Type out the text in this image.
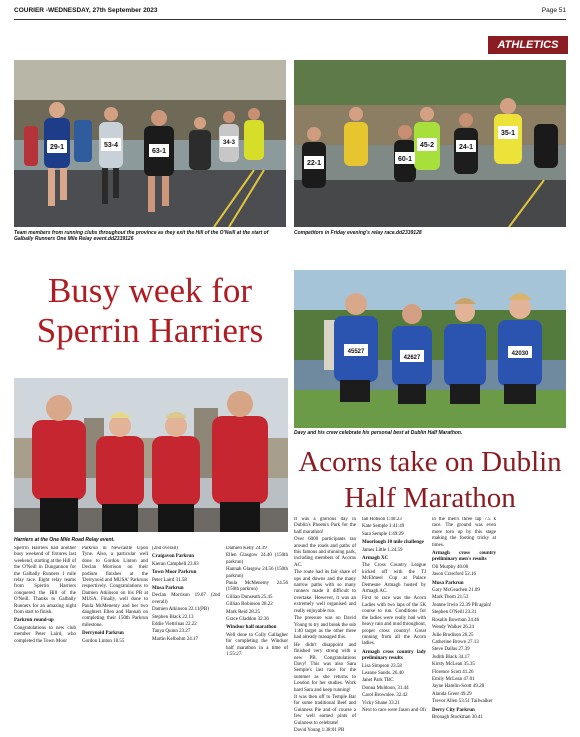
COURIER -WEDNESDAY, 27th September 2023	Page 51
ATHLETICS
29-1	53-4
63-1
34-3
22-1
60-1
45-2	24-1
35-1
Team members from running clubs throughout the province as they exit the Hill of the O'Neill at the start of Galbally Runners One Mile Relay event.dd2339126
Competitors in Friday evening's relay race.dd2339128
Busy week for
Sperrin Harriers
Harriers at the One Mile Road Relay event.
45527
42627
42030
Davy and his crew celebrate his personal best at Dublin Half Marathon.
Acorns take on Dublin
Half Marathon

Sperrin Harriers had another busy weekend of fixtures last weekend, starting at the Hill of the O'Neill in Dungannon for the Galbally Runners 1 mile relay race. Eight relay teams from Sperrin Harriers conquered the Hill of the O'Neill. Thanks to Galbally Runners for an amazing night from start to finish.

Parkrun round-up

Congratulations to new club member Peter Laird, who completed the Town Moor

Parkrun in Newcastle Upon Tyne. Also, a particular well done to Gordon Linton and Declan Morrison on their podium finishes at the 'Derrynoid and MUSA' Parkruns respectively. Congratulations to Damien Atkinson on his PB at MUSA. Finally, well done to Paula McMenemy and her two daughters Ellen and Hannah on completing their 150th Parkrun milestone.

Derrynoid Parkrun

Gordon Linton 18.55

(2nd overall)

Craigavon Parkrun

Kieran Campbell 23.03

Town Moor Parkrun

Peter Laird 31.58

Musa Parkrun

Declan Morrison 19.07 (2nd overall)

Damien Atkinson 22.11(PB)

Stephen Black 22.13

Eddie Viettrinas 22.22

Tanya Quinn 23.27

Martin Kelbohm 24.17

Damien Kelly 24.39

Ellen Glasgow 24.40 (150th parkrun)

Hannah Glasgow 24.56 (150th parkrun)

Paula McMenemy 24.56 (150th parkrun)

Gillian Dunseath 25.45

Gillian Robinson 28.22

Mark Reid 28.25

Grace Gladdon 32.36

Windsor half marathon

Well done to Colly Gallagher for completing the Windsor half marathon in a time of 1:55:27.

It was a glorious day in Dublin's Phoenix Park for the half marathon!

Over 6000 participants ran around the roads and paths of this famous and stunning park, including members of Acorns AC.

The route had its fair share of ups and downs and the many narrow paths with so many runners made it difficult to overtake. However, it was an extremely well organised and really enjoyable run.

The pressure was on David Young to try and break the sub 1:40 target as the other three had already managed this.

He didn't disappoint and finished very strong with a new PB. Congratulations Davy! This was also Sara Semple's last race for the summer as she returns to London for her studies. Work hard Sara and keep running!

It was then off to Temple Bar for some traditional Beef and Guinness Pie and of course a few well earned pints of Guinness to celebrate!

David Young 1:38:01 PB

Ian Hobson 1:40:23

Kate Semple 1:41:49

Sara Semple 1:49:29

Moorlough 10 mile challenge

James Little 1.24.59

Armagh XC

The Cross Country League kicked off with the TJ McElmeel Cup at Palace Demesne Armagh hosted by Armagh AC.

First to race was the Acorn Ladies with two laps of the 5K course to run. Conditions for the ladies were really bad with heavy rain and mud throughout, proper cross country! Great running from all the Acorn ladies.

Armagh cross country lady preliminary results

Lisa Simpson 23.58

Leanne Sands. 26.40

Janet Park TBC

Donna Muldoon, 31.44

Carol Brownlee. 32.42

Vicky Shane 33.21

Next to race were Jason and Oli

in the men's three lap 7.5 k race. The ground was even more torn up by this stage making the footing tricky at times.

Armagh cross country preliminary men's results

Oli Murphy 40.00

Jason Crawford 52.16

Musa Parkrun

Gary McGeachen 21.09

Mark Thom 21.53

Joanne Irwin 22.39 PB again!

Stephen O'Neill 23.31

Rosalin Bowman 24.46

Wendy Walker 26.24

Julie Brodison 26.25

Catherine Brown 27.13

Steve Dallas 27.39

Judith Black 34.17

Kirsty McLean 35.35

Florence Scott 41.26

Emily McLean 47.01

Jayne Hamlin-Scott 49.28

Alanda Greer 49.29

Trevor Allen 53.51 Tailwalker

Derry City Parkrun

Bronagh Stockman 30.41
